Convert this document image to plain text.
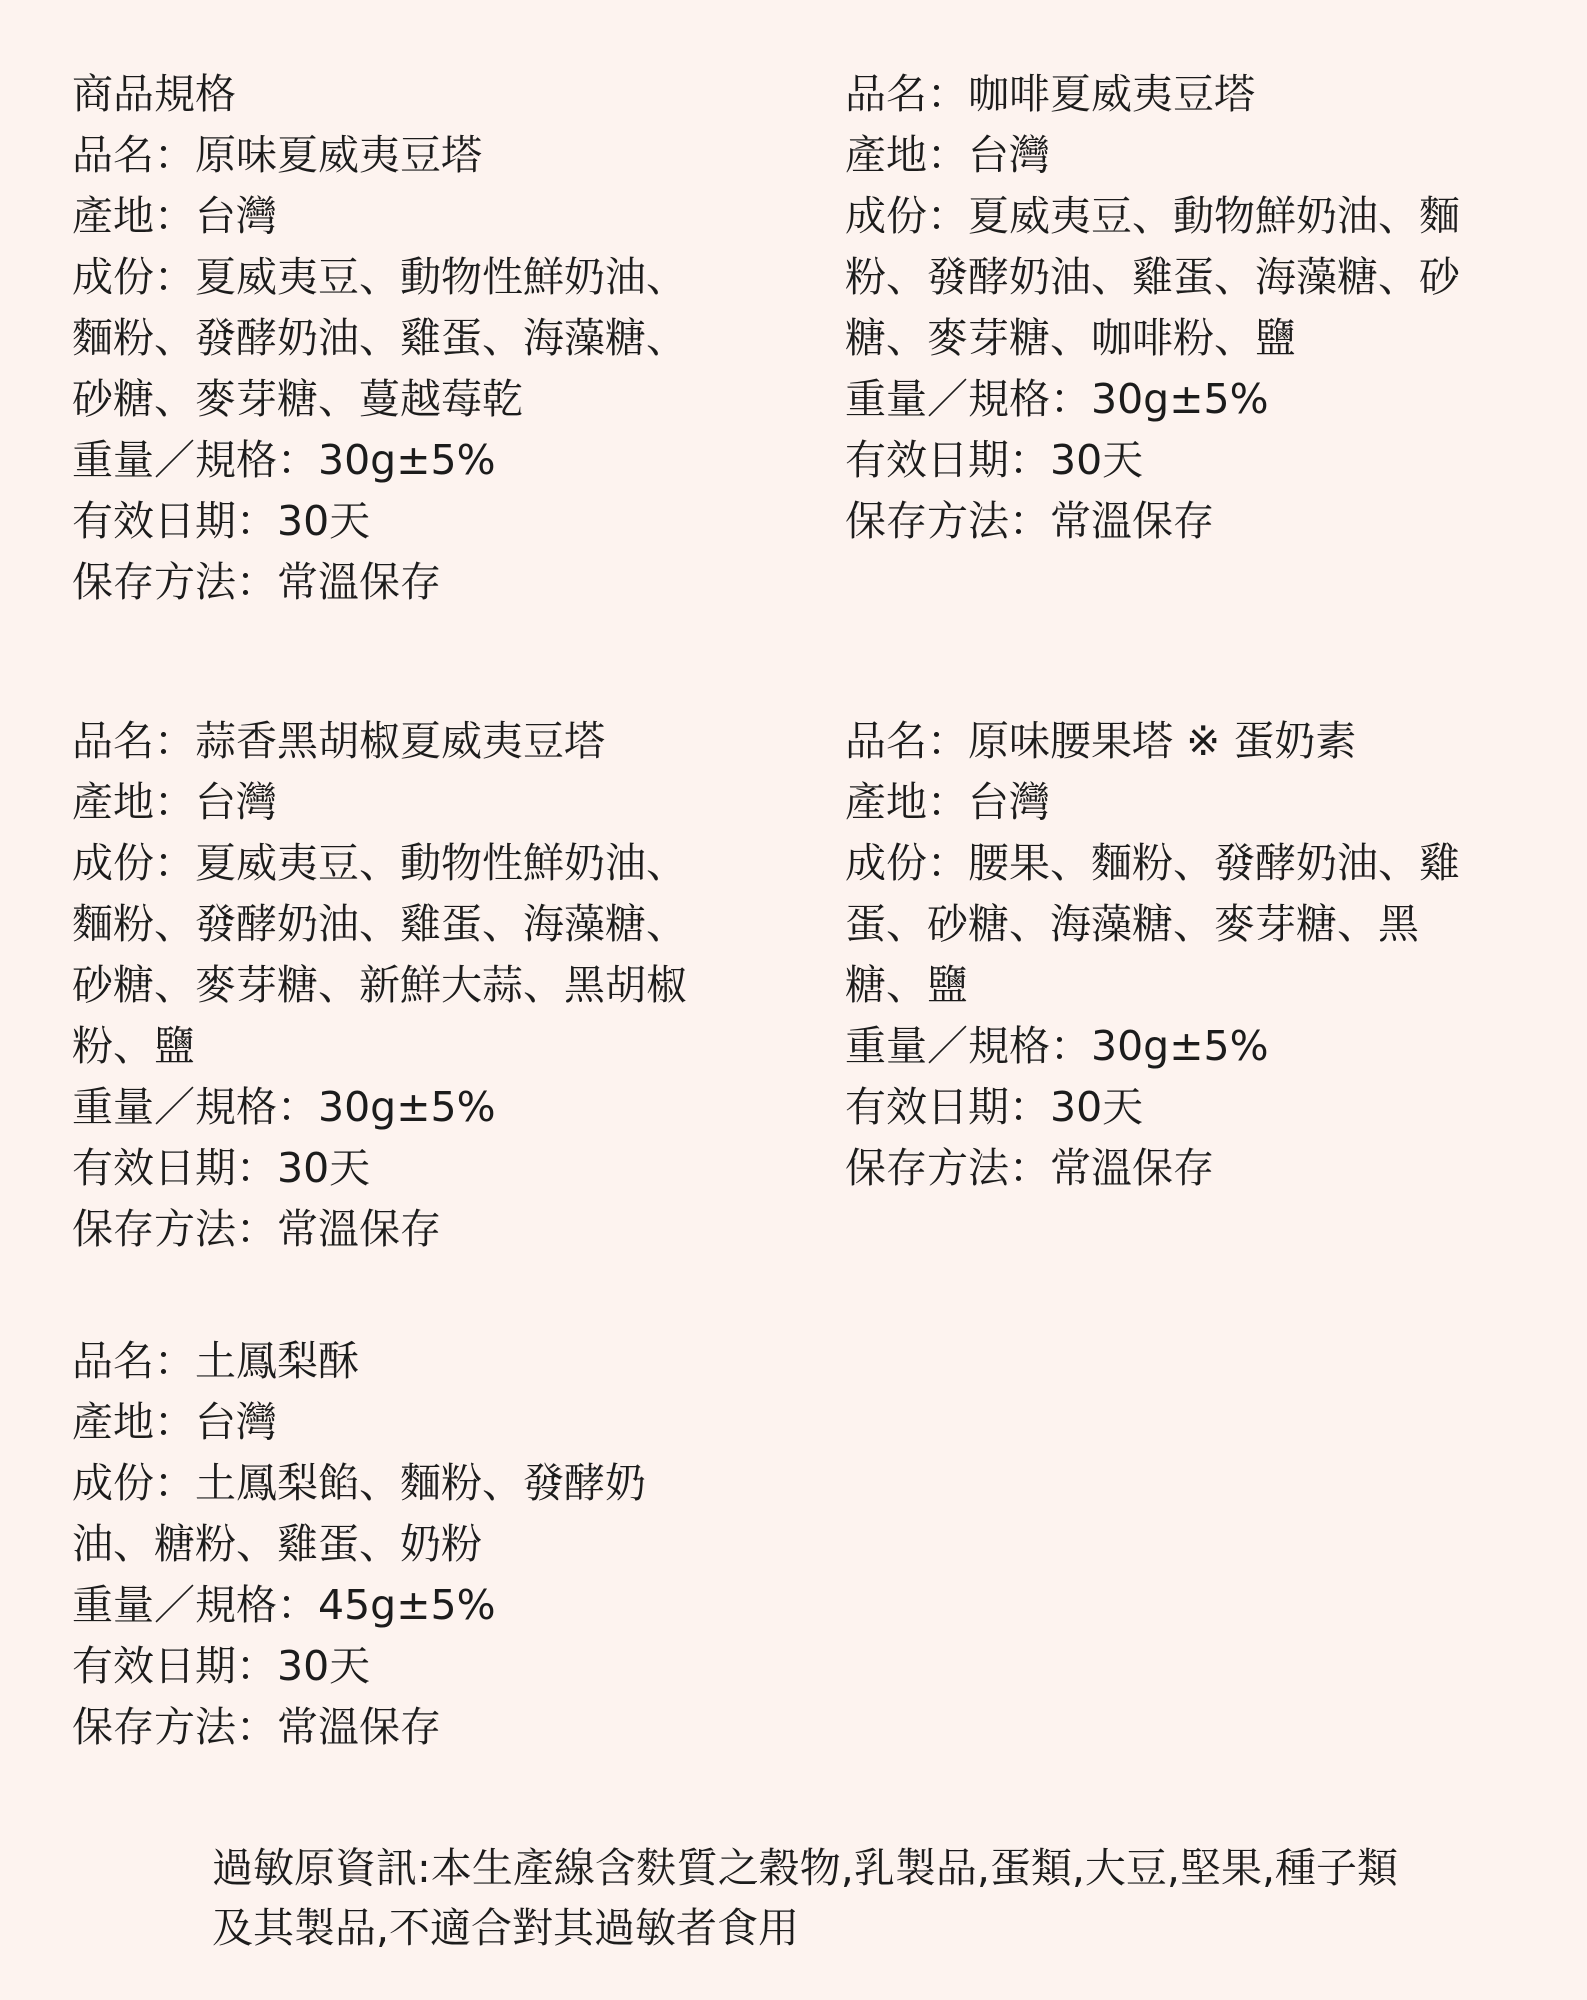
商品規格
品名：原味夏威夷豆塔
產地：台灣
成份：夏威夷豆、動物性鮮奶油、
麵粉、發酵奶油、雞蛋、海藻糖、
砂糖、麥芽糖、蔓越莓乾
重量／規格：30g±5%
有效日期：30天
保存方法：常溫保存
品名：咖啡夏威夷豆塔
產地：台灣
成份：夏威夷豆、動物鮮奶油、麵
粉、發酵奶油、雞蛋、海藻糖、砂
糖、麥芽糖、咖啡粉、鹽
重量／規格：30g±5%
有效日期：30天
保存方法：常溫保存
品名：蒜香黑胡椒夏威夷豆塔
產地：台灣
成份：夏威夷豆、動物性鮮奶油、
麵粉、發酵奶油、雞蛋、海藻糖、
砂糖、麥芽糖、新鮮大蒜、黑胡椒
粉、鹽
重量／規格：30g±5%
有效日期：30天
保存方法：常溫保存
品名：原味腰果塔 ※ 蛋奶素
產地：台灣
成份：腰果、麵粉、發酵奶油、雞
蛋、砂糖、海藻糖、麥芽糖、黑
糖、鹽
重量／規格：30g±5%
有效日期：30天
保存方法：常溫保存
品名：土鳳梨酥
產地：台灣
成份：土鳳梨餡、麵粉、發酵奶
油、糖粉、雞蛋、奶粉
重量／規格：45g±5%
有效日期：30天
保存方法：常溫保存
過敏原資訊:本生產線含麩質之穀物,乳製品,蛋類,大豆,堅果,種子類
及其製品,不適合對其過敏者食用
